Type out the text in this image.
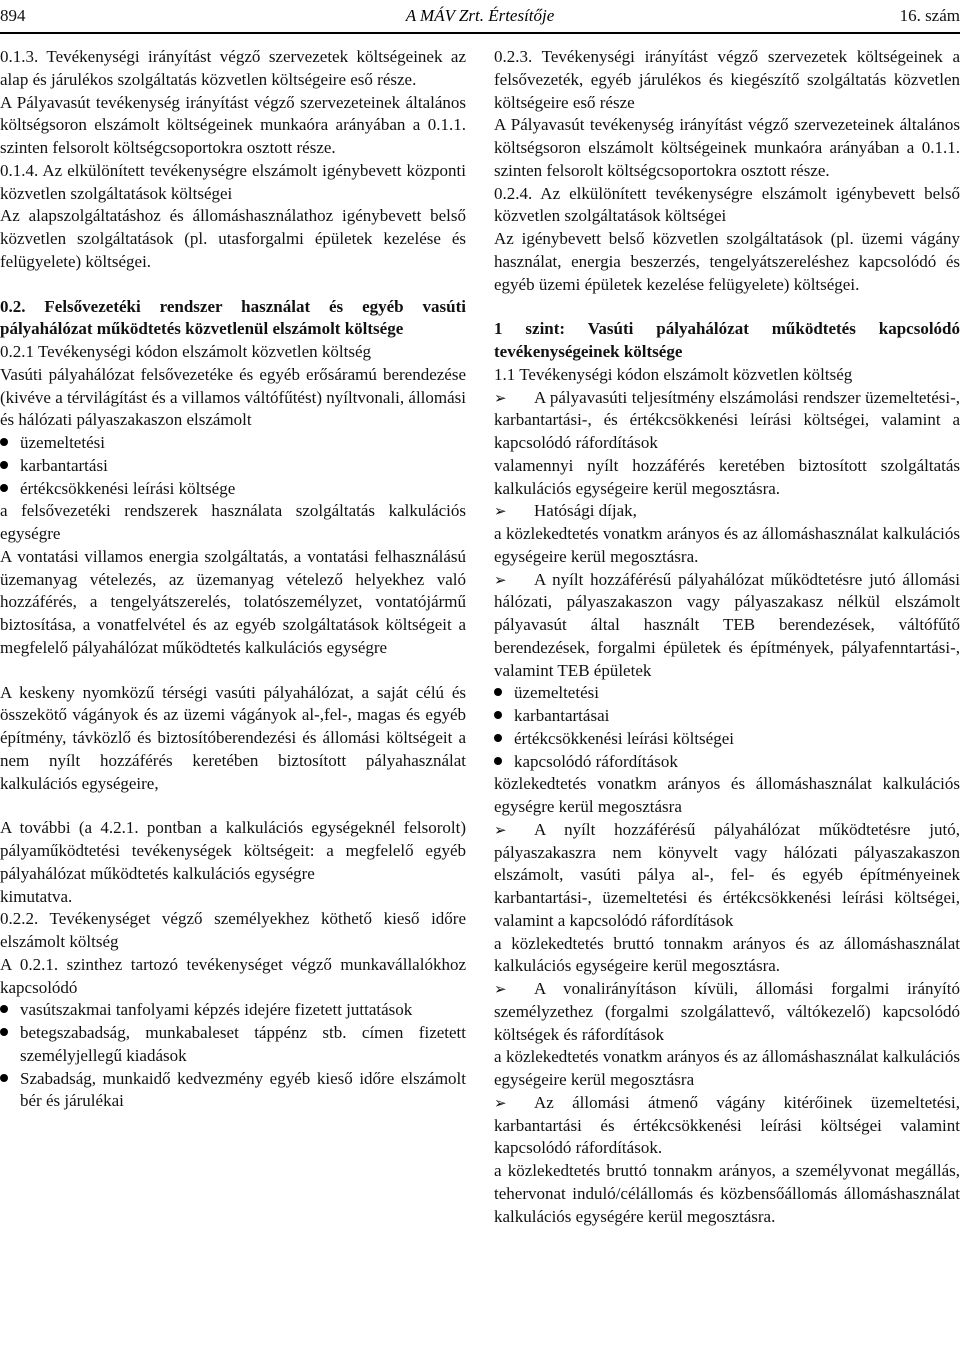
894	A MÁV Zrt. Értesítője	16. szám

0.1.3. Tevékenységi irányítást végző szervezetek költségeinek az alap és járulékos szolgáltatás közvetlen költségeire eső része.

A Pályavasút tevékenység irányítást végző szervezeteinek általános költségsoron elszámolt költségeinek munkaóra arányában a 0.1.1. szinten felsorolt költségcsoportokra osztott része.

0.1.4. Az elkülönített tevékenységre elszámolt igénybevett központi közvetlen szolgáltatások költségei

Az alapszolgáltatáshoz és állomáshasználathoz igénybevett belső közvetlen szolgáltatások (pl. utasforgalmi épületek kezelése és felügyelete) költségei.

0.2. Felsővezetéki rendszer használat és egyéb vasúti pályahálózat működtetés közvetlenül elszámolt költsége

0.2.1 Tevékenységi kódon elszámolt közvetlen költség

Vasúti pályahálózat felsővezetéke és egyéb erősáramú berendezése (kivéve a térvilágítást és a villamos váltófűtést) nyíltvonali, állomási és hálózati pályaszakaszon elszámolt

üzemeltetési
karbantartási
értékcsökkenési leírási költsége

a felsővezetéki rendszerek használata szolgáltatás kalkulációs egységre

A vontatási villamos energia szolgáltatás, a vontatási felhasználású üzemanyag vételezés, az üzemanyag vételező helyekhez való hozzáférés, a tengelyátszerelés, tolatószemélyzet, vontatójármű biztosítása, a vonatfelvétel és az egyéb szolgáltatások költségeit a megfelelő pályahálózat működtetés kalkulációs egységre

A keskeny nyomközű térségi vasúti pályahálózat, a saját célú és összekötő vágányok és az üzemi vágányok al-,fel-, magas és egyéb építmény, távközlő és biztosítóberendezési és állomási költségeit a nem nyílt hozzáférés keretében biztosított pályahasználat kalkulációs egységeire,

A további (a 4.2.1. pontban a kalkulációs egységeknél felsorolt) pályaműködtetési tevékenységek költségeit: a megfelelő egyéb pályahálózat működtetés kalkulációs egységre

kimutatva.

0.2.2. Tevékenységet végző személyekhez köthető kieső időre elszámolt költség

A 0.2.1. szinthez tartozó tevékenységet végző munkavállalókhoz kapcsolódó

vasútszakmai tanfolyami képzés idejére fizetett juttatások
betegszabadság, munkabaleset táppénz stb. címen fizetett személyjellegű kiadások
Szabadság, munkaidő kedvezmény egyéb kieső időre elszámolt bér és járulékai

0.2.3. Tevékenységi irányítást végző szervezetek költségeinek a felsővezeték, egyéb járulékos és kiegészítő szolgáltatás közvetlen költségeire eső része

A Pályavasút tevékenység irányítást végző szervezeteinek általános költségsoron elszámolt költségeinek munkaóra arányában a 0.1.1. szinten felsorolt költségcsoportokra osztott része.

0.2.4. Az elkülönített tevékenységre elszámolt igénybevett belső közvetlen szolgáltatások költségei

Az igénybevett belső közvetlen szolgáltatások (pl. üzemi vágány használat, energia beszerzés, tengelyátszereléshez kapcsolódó és egyéb üzemi épületek kezelése felügyelete) költségei.

1 szint: Vasúti pályahálózat működtetés kapcsolódó tevékenységeinek költsége

1.1 Tevékenységi kódon elszámolt közvetlen költség

➢ A pályavasúti teljesítmény elszámolási rendszer üzemeltetési-, karbantartási-, és értékcsökkenési leírási költségei, valamint a kapcsolódó ráfordítások

valamennyi nyílt hozzáférés keretében biztosított szolgáltatás kalkulációs egységeire kerül megosztásra.

➢ Hatósági díjak,

a közlekedtetés vonatkm arányos és az állomáshasználat kalkulációs egységeire kerül megosztásra.

➢ A nyílt hozzáférésű pályahálózat működtetésre jutó állomási hálózati, pályaszakaszon vagy pályaszakasz nélkül elszámolt pályavasút által használt TEB berendezések, váltófűtő berendezések, forgalmi épületek és építmények, pályafenntartási-, valamint TEB épületek
üzemeltetési
karbantartásai
értékcsökkenési leírási költségei
kapcsolódó ráfordítások

közlekedtetés vonatkm arányos és állomáshasználat kalkulációs egységre kerül megosztásra

➢ A nyílt hozzáférésű pályahálózat működtetésre jutó, pályaszakaszra nem könyvelt vagy hálózati pályaszakaszon elszámolt, vasúti pálya al-, fel- és egyéb építményeinek karbantartási-, üzemeltetési és értékcsökkenési leírási költségei, valamint a kapcsolódó ráfordítások

a közlekedtetés bruttó tonnakm arányos és az állomáshasználat kalkulációs egységeire kerül megosztásra.

➢ A vonalirányításon kívüli, állomási forgalmi irányító személyzethez (forgalmi szolgálattevő, váltókezelő) kapcsolódó költségek és ráfordítások

a közlekedtetés vonatkm arányos és az állomáshasználat kalkulációs egységeire kerül megosztásra

➢ Az állomási átmenő vágány kitérőinek üzemeltetési, karbantartási és értékcsökkenési leírási költségei valamint kapcsolódó ráfordítások.

a közlekedtetés bruttó tonnakm arányos, a személyvonat megállás, tehervonat induló/célállomás és közbensőállomás állomáshasználat kalkulációs egységére kerül megosztásra.
